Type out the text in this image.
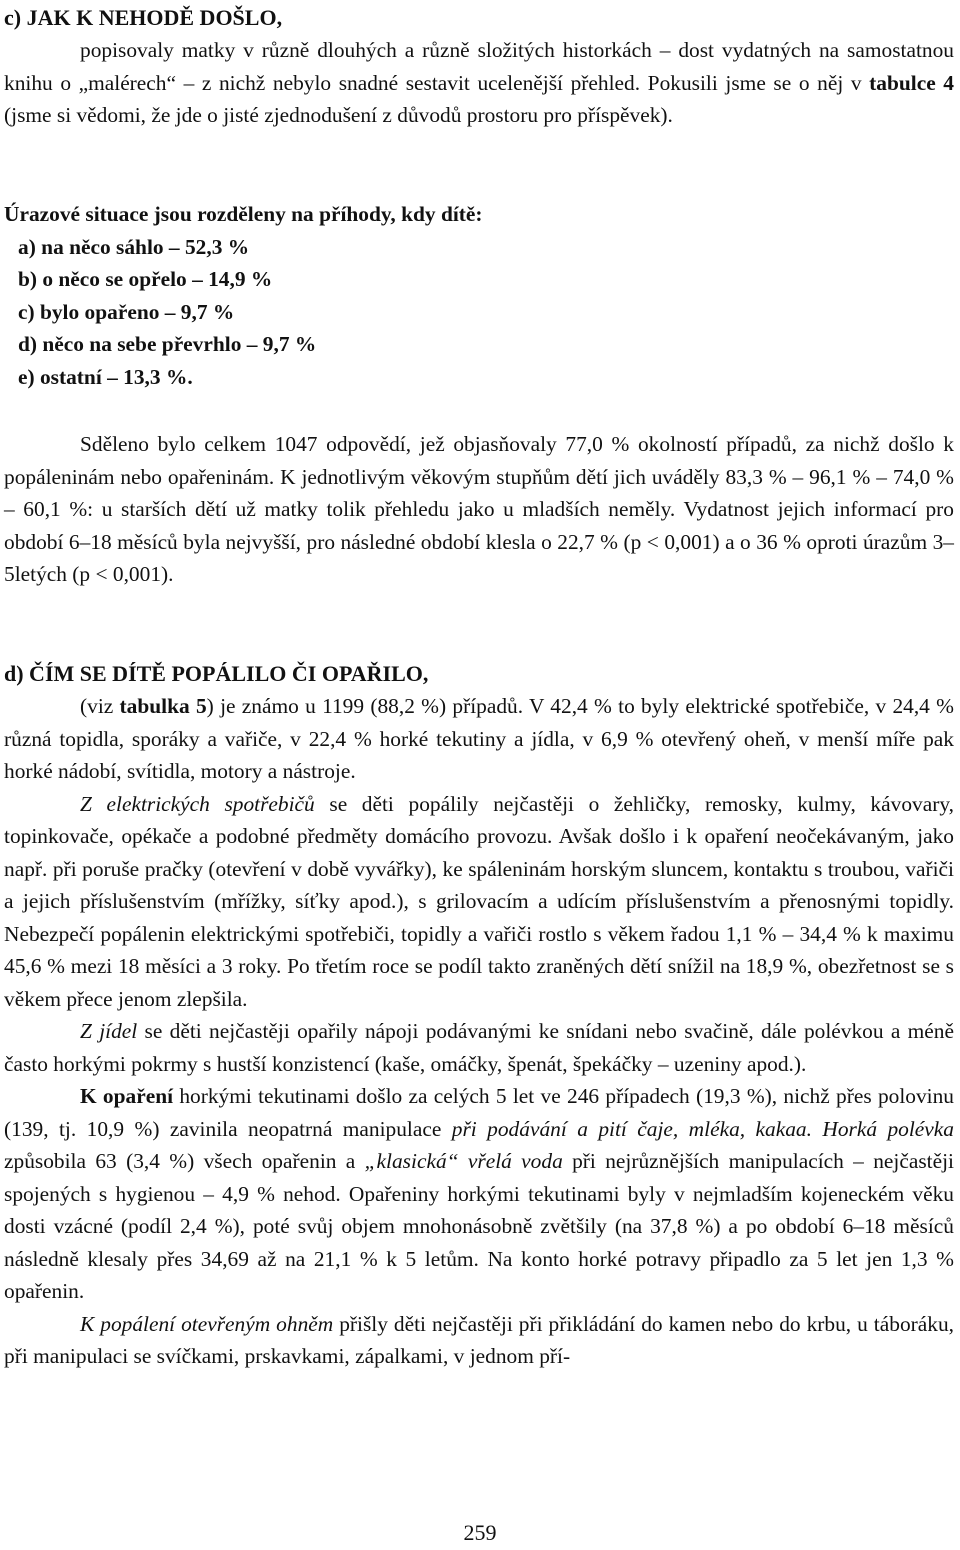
c) JAK K NEHODĚ DOŠLO,

popisovaly matky v různě dlouhých a různě složitých historkách – dost vydatných na samostatnou knihu o „malérech“ – z nichž nebylo snadné sestavit ucelenější přehled. Pokusili jsme se o něj v tabulce 4 (jsme si vědomi, že jde o jisté zjednodušení z důvodů prostoru pro příspěvek).

Úrazové situace jsou rozděleny na příhody, kdy dítě:

a) na něco sáhlo – 52,3 %
b) o něco se opřelo – 14,9 %
c) bylo opařeno – 9,7 %
d) něco na sebe převrhlo – 9,7 %
e) ostatní – 13,3 %.

Sděleno bylo celkem 1047 odpovědí, jež objasňovaly 77,0 % okolností případů, za nichž došlo k popáleninám nebo opařeninám. K jednotlivým věkovým stupňům dětí jich uváděly 83,3 % – 96,1 % – 74,0 % – 60,1 %: u starších dětí už matky tolik přehledu jako u mladších neměly. Vydatnost jejich informací pro období 6–18 měsíců byla nejvyšší, pro následné období klesla o 22,7 % (p < 0,001) a o 36 % oproti úrazům 3–5letých (p < 0,001).

d) ČÍM SE DÍTĚ POPÁLILO ČI OPAŘILO,

(viz tabulka 5) je známo u 1199 (88,2 %) případů. V 42,4 % to byly elektrické spotřebiče, v 24,4 % různá topidla, sporáky a vařiče, v 22,4 % horké tekutiny a jídla, v 6,9 % otevřený oheň, v menší míře pak horké nádobí, svítidla, motory a nástroje.

Z elektrických spotřebičů se děti popálily nejčastěji o žehličky, remosky, kulmy, kávovary, topinkovače, opékače a podobné předměty domácího provozu. Avšak došlo i k opaření neočekávaným, jako např. při poruše pračky (otevření v době vyvářky), ke spáleninám horským sluncem, kontaktu s troubou, vařiči a jejich příslušenstvím (mřížky, síťky apod.), s grilovacím a udícím příslušenstvím a přenosnými topidly. Nebezpečí popálenin elektrickými spotřebiči, topidly a vařiči rostlo s věkem řadou 1,1 % – 34,4 % k maximu 45,6 % mezi 18 měsíci a 3 roky. Po třetím roce se podíl takto zraněných dětí snížil na 18,9 %, obezřetnost se s věkem přece jenom zlepšila.

Z jídel se děti nejčastěji opařily nápoji podávanými ke snídani nebo svačině, dále polévkou a méně často horkými pokrmy s hustší konzistencí (kaše, omáčky, špenát, špekáčky – uzeniny apod.).

K opaření horkými tekutinami došlo za celých 5 let ve 246 případech (19,3 %), nichž přes polovinu (139, tj. 10,9 %) zavinila neopatrná manipulace při podávání a pití čaje, mléka, kakaa. Horká polévka způsobila 63 (3,4 %) všech opařenin a „klasická“ vřelá voda při nejrůznějších manipulacích – nejčastěji spojených s hygienou – 4,9 % nehod. Opařeniny horkými tekutinami byly v nejmladším kojeneckém věku dosti vzácné (podíl 2,4 %), poté svůj objem mnohonásobně zvětšily (na 37,8 %) a po období 6–18 měsíců následně klesaly přes 34,69 až na 21,1 % k 5 letům. Na konto horké potravy připadlo za 5 let jen 1,3 % opařenin.

K popálení otevřeným ohněm přišly děti nejčastěji při přikládání do kamen nebo do krbu, u táboráku, při manipulaci se svíčkami, prskavkami, zápalkami, v jednom pří-

259
